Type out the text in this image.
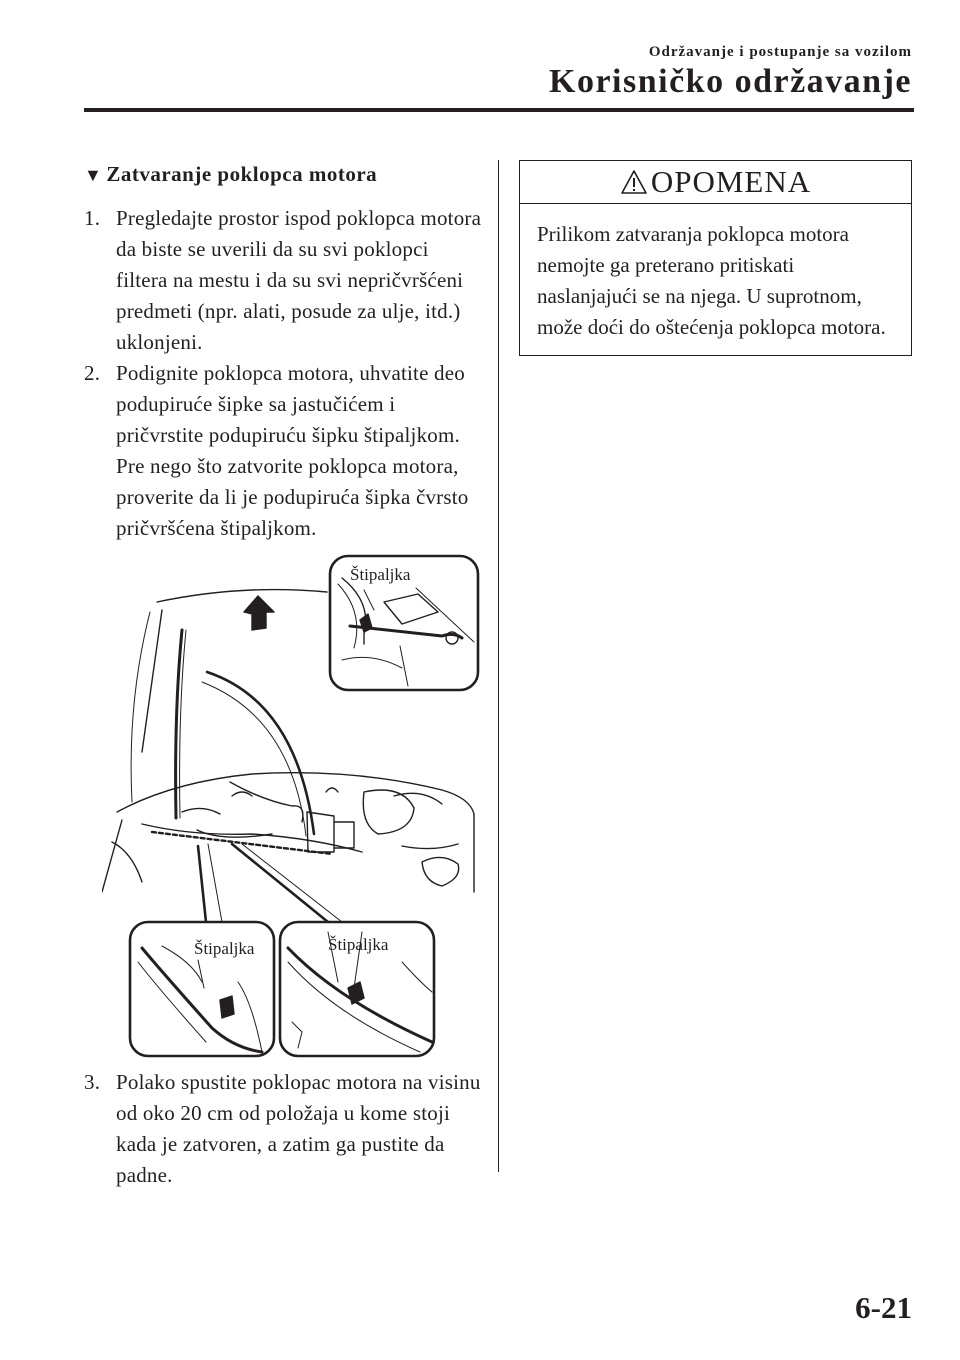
Održavanje i postupanje sa vozilom
Korisničko održavanje
▼ Zatvaranje poklopca motora
1. Pregledajte prostor ispod poklopca motora da biste se uverili da su svi poklopci filtera na mestu i da su svi nepričvršćeni predmeti (npr. alati, posude za ulje, itd.) uklonjeni.
2. Podignite poklopca motora, uhvatite deo podupiruće šipke sa jastučićem i pričvrstite podupiruću šipku štipaljkom. Pre nego što zatvorite poklopca motora, proverite da li je podupiruća šipka čvrsto pričvršćena štipaljkom.
3. Polako spustite poklopac motora na visinu od oko 20 cm od položaja u kome stoji kada je zatvoren, a zatim ga pustite da padne.
Štipaljka
Štipaljka	Štipaljka
OPOMENA
Prilikom zatvaranja poklopca motora nemojte ga preterano pritiskati naslanjajući se na njega. U suprotnom, može doći do oštećenja poklopca motora.
6-21
